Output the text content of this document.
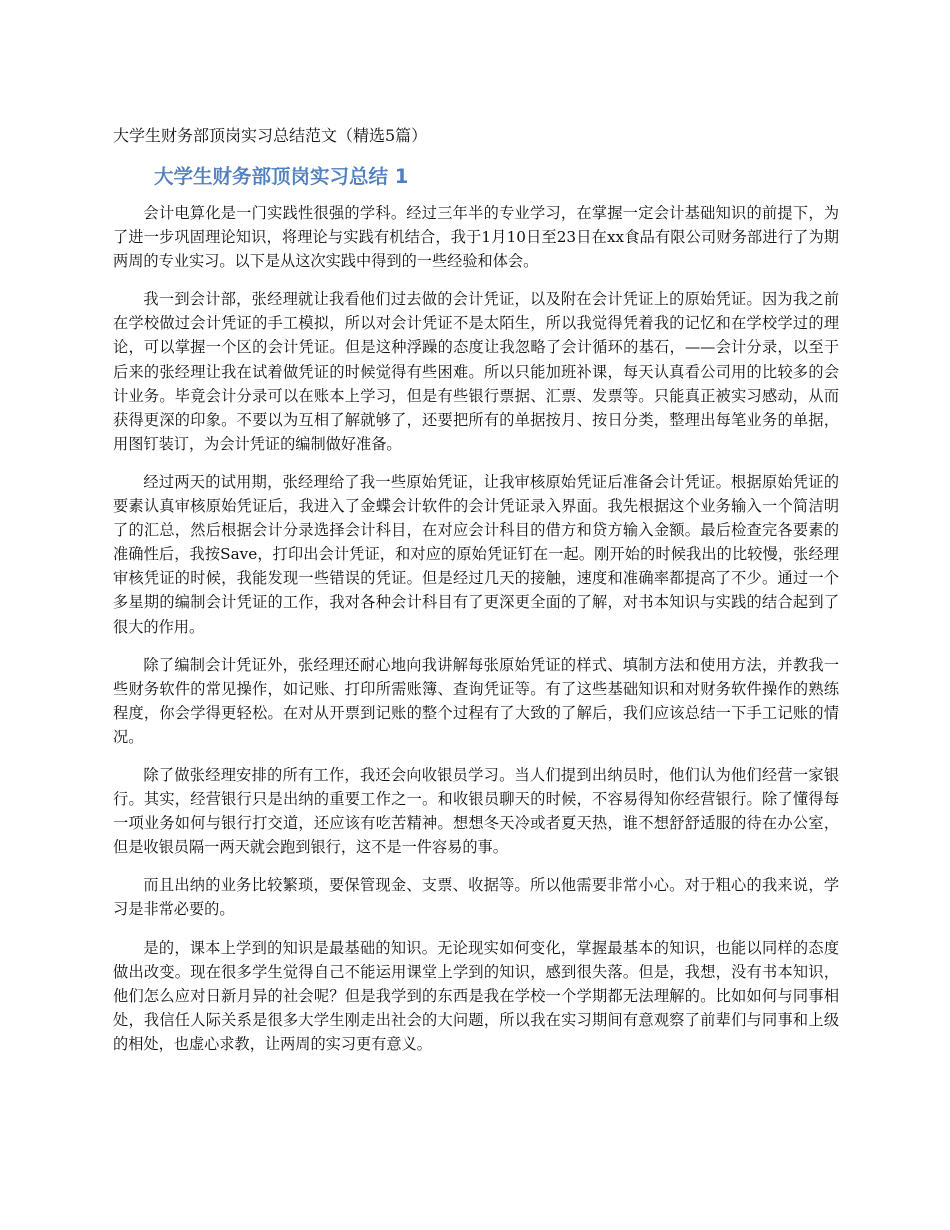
大学生财务部顶岗实习总结范文（精选5篇）

大学生财务部顶岗实习总结 1

会计电算化是一门实践性很强的学科。经过三年半的专业学习，在掌握一定会计基础知识的前提下，为了进一步巩固理论知识，将理论与实践有机结合，我于1月10日至23日在xx食品有限公司财务部进行了为期两周的专业实习。以下是从这次实践中得到的一些经验和体会。

我一到会计部，张经理就让我看他们过去做的会计凭证，以及附在会计凭证上的原始凭证。因为我之前在学校做过会计凭证的手工模拟，所以对会计凭证不是太陌生，所以我觉得凭着我的记忆和在学校学过的理论，可以掌握一个区的会计凭证。但是这种浮躁的态度让我忽略了会计循环的基石，——会计分录，以至于后来的张经理让我在试着做凭证的时候觉得有些困难。所以只能加班补课，每天认真看公司用的比较多的会计业务。毕竟会计分录可以在账本上学习，但是有些银行票据、汇票、发票等。只能真正被实习感动，从而获得更深的印象。不要以为互相了解就够了，还要把所有的单据按月、按日分类，整理出每笔业务的单据，用图钉装订，为会计凭证的编制做好准备。

经过两天的试用期，张经理给了我一些原始凭证，让我审核原始凭证后准备会计凭证。根据原始凭证的要素认真审核原始凭证后，我进入了金蝶会计软件的会计凭证录入界面。我先根据这个业务输入一个简洁明了的汇总，然后根据会计分录选择会计科目，在对应会计科目的借方和贷方输入金额。最后检查完各要素的准确性后，我按Save，打印出会计凭证，和对应的原始凭证钉在一起。刚开始的时候我出的比较慢，张经理审核凭证的时候，我能发现一些错误的凭证。但是经过几天的接触，速度和准确率都提高了不少。通过一个多星期的编制会计凭证的工作，我对各种会计科目有了更深更全面的了解，对书本知识与实践的结合起到了很大的作用。

除了编制会计凭证外，张经理还耐心地向我讲解每张原始凭证的样式、填制方法和使用方法，并教我一些财务软件的常见操作，如记账、打印所需账簿、查询凭证等。有了这些基础知识和对财务软件操作的熟练程度，你会学得更轻松。在对从开票到记账的整个过程有了大致的了解后，我们应该总结一下手工记账的情况。

除了做张经理安排的所有工作，我还会向收银员学习。当人们提到出纳员时，他们认为他们经营一家银行。其实，经营银行只是出纳的重要工作之一。和收银员聊天的时候，不容易得知你经营银行。除了懂得每一项业务如何与银行打交道，还应该有吃苦精神。想想冬天冷或者夏天热，谁不想舒舒适服的待在办公室，但是收银员隔一两天就会跑到银行，这不是一件容易的事。

而且出纳的业务比较繁琐，要保管现金、支票、收据等。所以他需要非常小心。对于粗心的我来说，学习是非常必要的。

是的，课本上学到的知识是最基础的知识。无论现实如何变化，掌握最基本的知识，也能以同样的态度做出改变。现在很多学生觉得自己不能运用课堂上学到的知识，感到很失落。但是，我想，没有书本知识，他们怎么应对日新月异的社会呢？但是我学到的东西是我在学校一个学期都无法理解的。比如如何与同事相处，我信任人际关系是很多大学生刚走出社会的大问题，所以我在实习期间有意观察了前辈们与同事和上级的相处，也虚心求教，让两周的实习更有意义。
